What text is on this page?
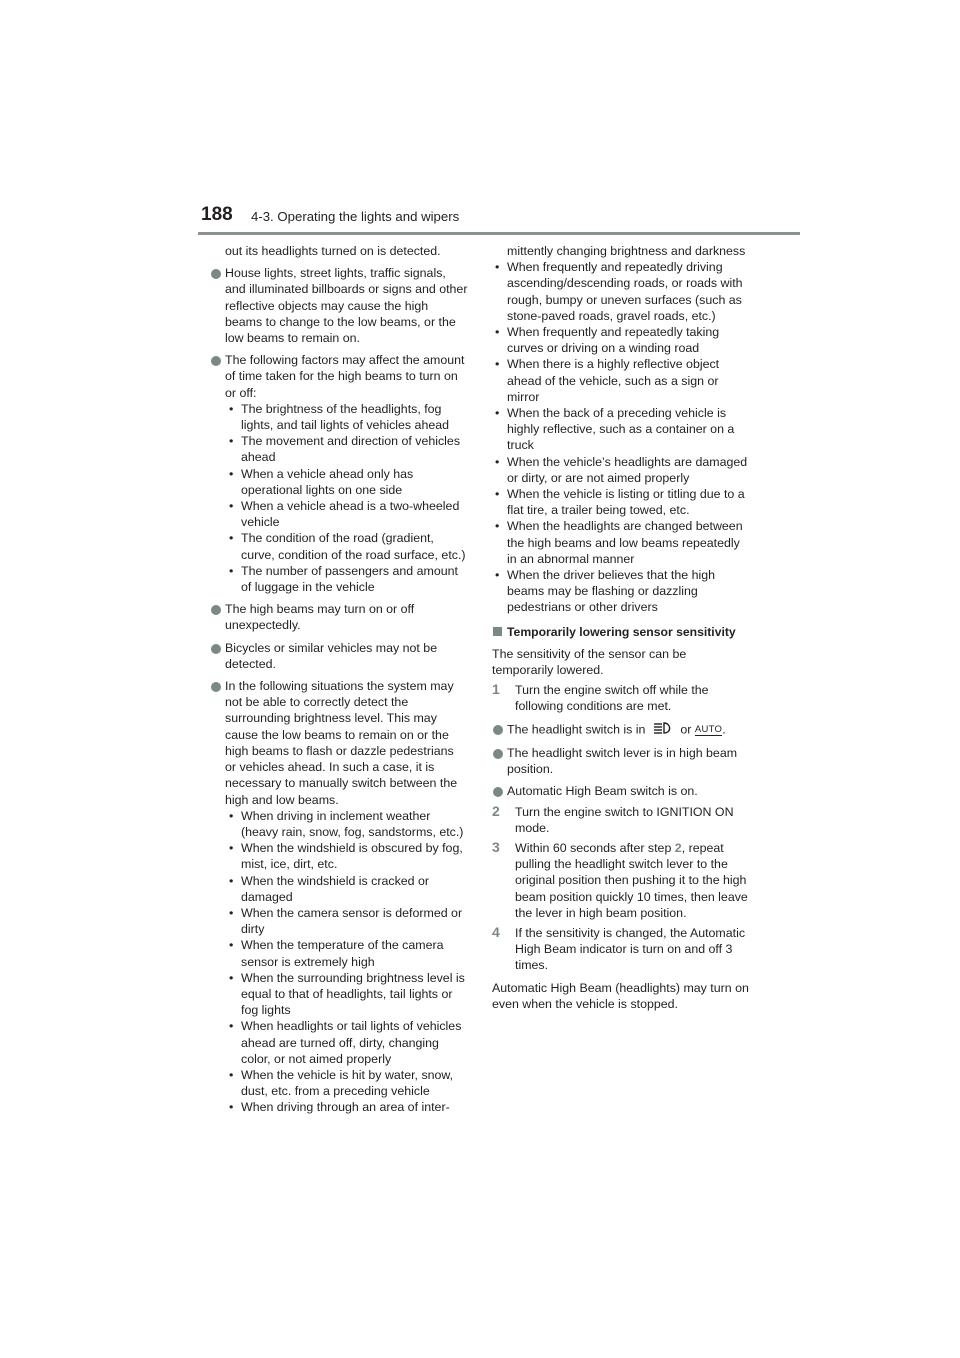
188 4-3. Operating the lights and wipers

out its headlights turned on is detected.

House lights, street lights, traffic signals, and illuminated billboards or signs and other reflective objects may cause the high beams to change to the low beams, or the low beams to remain on.
The following factors may affect the amount of time taken for the high beams to turn on or off:
• The brightness of the headlights, fog lights, and tail lights of vehicles ahead
• The movement and direction of vehicles ahead
• When a vehicle ahead only has operational lights on one side
• When a vehicle ahead is a two-wheeled vehicle
• The condition of the road (gradient, curve, condition of the road surface, etc.)
• The number of passengers and amount of luggage in the vehicle
The high beams may turn on or off unexpectedly.
Bicycles or similar vehicles may not be detected.
In the following situations the system may not be able to correctly detect the surrounding brightness level. This may cause the low beams to remain on or the high beams to flash or dazzle pedestrians or vehicles ahead. In such a case, it is necessary to manually switch between the high and low beams.
• When driving in inclement weather (heavy rain, snow, fog, sandstorms, etc.)
• When the windshield is obscured by fog, mist, ice, dirt, etc.
• When the windshield is cracked or damaged
• When the camera sensor is deformed or dirty
• When the temperature of the camera sensor is extremely high
• When the surrounding brightness level is equal to that of headlights, tail lights or fog lights
• When headlights or tail lights of vehicles ahead are turned off, dirty, changing color, or not aimed properly
• When the vehicle is hit by water, snow, dust, etc. from a preceding vehicle
• When driving through an area of inter-

mittently changing brightness and darkness

• When frequently and repeatedly driving ascending/descending roads, or roads with rough, bumpy or uneven surfaces (such as stone-paved roads, gravel roads, etc.)
• When frequently and repeatedly taking curves or driving on a winding road
• When there is a highly reflective object ahead of the vehicle, such as a sign or mirror
• When the back of a preceding vehicle is highly reflective, such as a container on a truck
• When the vehicle’s headlights are damaged or dirty, or are not aimed properly
• When the vehicle is listing or titling due to a flat tire, a trailer being towed, etc.
• When the headlights are changed between the high beams and low beams repeatedly in an abnormal manner
• When the driver believes that the high beams may be flashing or dazzling pedestrians or other drivers
Temporarily lowering sensor sensitivity

The sensitivity of the sensor can be temporarily lowered.

1 Turn the engine switch off while the following conditions are met.
The headlight switch is in	or AUTO.
The headlight switch lever is in high beam position.
Automatic High Beam switch is on.
2 Turn the engine switch to IGNITION ON mode.
3 Within 60 seconds after step 2, repeat pulling the headlight switch lever to the original position then pushing it to the high beam position quickly 10 times, then leave the lever in high beam position.
4 If the sensitivity is changed, the Automatic High Beam indicator is turn on and off 3 times.

Automatic High Beam (headlights) may turn on even when the vehicle is stopped.
